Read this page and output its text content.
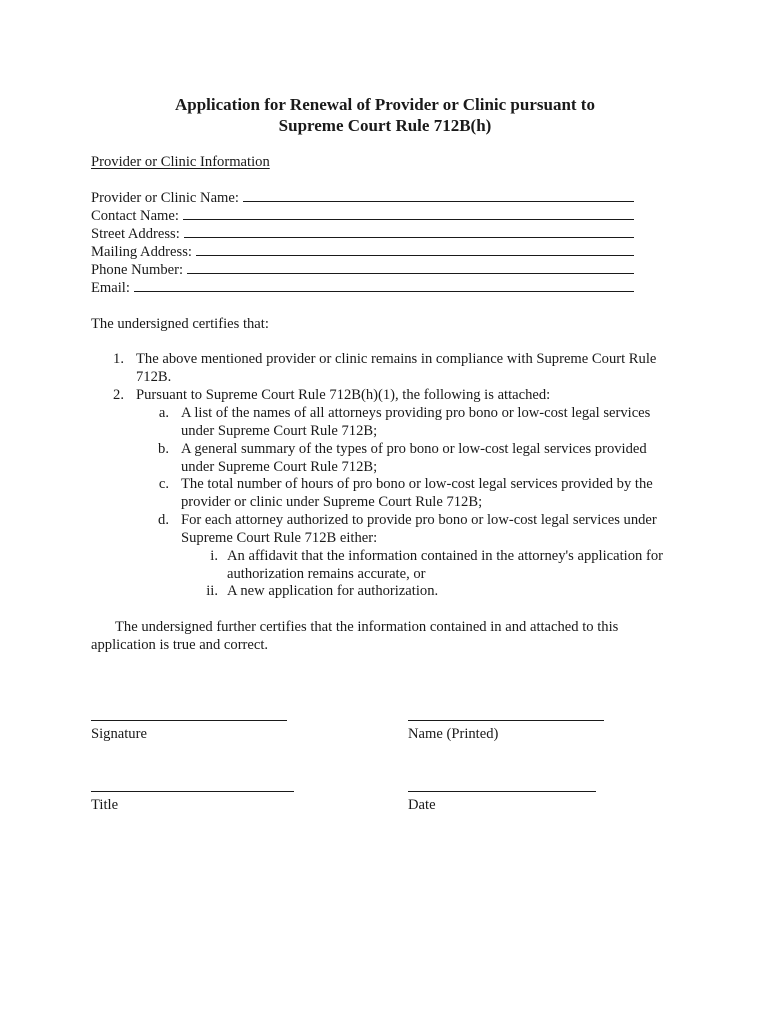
Application for Renewal of Provider or Clinic pursuant to
Supreme Court Rule 712B(h)
Provider or Clinic Information
Provider or Clinic Name:
Contact Name:
Street Address:
Mailing Address:
Phone Number:
Email:
The undersigned certifies that:
1. The above mentioned provider or clinic remains in compliance with Supreme Court Rule
712B.
2. Pursuant to Supreme Court Rule 712B(h)(1), the following is attached:
a. A list of the names of all attorneys providing pro bono or low-cost legal services
under Supreme Court Rule 712B;
b. A general summary of the types of pro bono or low-cost legal services provided
under Supreme Court Rule 712B;
c. The total number of hours of pro bono or low-cost legal services provided by the
provider or clinic under Supreme Court Rule 712B;
d. For each attorney authorized to provide pro bono or low-cost legal services under
Supreme Court Rule 712B either:
i. An affidavit that the information contained in the attorney's application for
authorization remains accurate, or
ii. A new application for authorization.
The undersigned further certifies that the information contained in and attached to this
application is true and correct.
Signature	Name (Printed)
Title	Date
